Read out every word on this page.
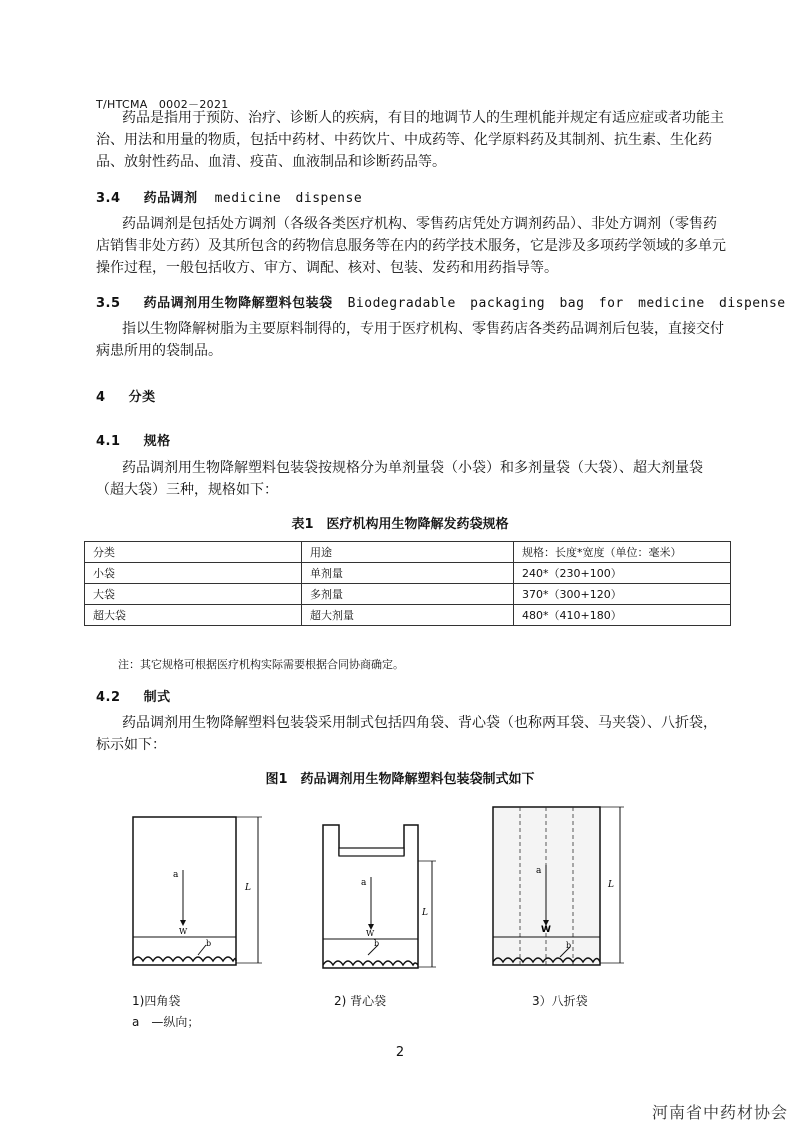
T/HTCMA　0002－2021
药品是指用于预防、治疗、诊断人的疾病，有目的地调节人的生理机能并规定有适应症或者功能主治、用法和用量的物质，包括中药材、中药饮片、中成药等、化学原料药及其制剂、抗生素、生化药品、放射性药品、血清、疫苗、血液制品和诊断药品等。
3.4 药品调剂 medicine dispense
药品调剂是包括处方调剂（各级各类医疗机构、零售药店凭处方调剂药品）、非处方调剂（零售药店销售非处方药）及其所包含的药物信息服务等在内的药学技术服务，它是涉及多项药学领域的多单元操作过程，一般包括收方、审方、调配、核对、包装、发药和用药指导等。
3.5 药品调剂用生物降解塑料包装袋 Biodegradable packaging bag for medicine dispense
指以生物降解树脂为主要原料制得的，专用于医疗机构、零售药店各类药品调剂后包装，直接交付病患所用的袋制品。
4 分类
4.1 规格
药品调剂用生物降解塑料包装袋按规格分为单剂量袋（小袋）和多剂量袋（大袋）、超大剂量袋（超大袋）三种，规格如下：
表1　医疗机构用生物降解发药袋规格
分类	用途	规格：长度*宽度（单位：毫米）
小袋	单剂量	240*（230+100）
大袋	多剂量	370*（300+120）
超大袋	超大剂量	480*（410+180）
注：其它规格可根据医疗机构实际需要根据合同协商确定。
4.2 制式
药品调剂用生物降解塑料包装袋采用制式包括四角袋、背心袋（也称两耳袋、马夹袋）、八折袋，标示如下：
图1　药品调剂用生物降解塑料包装袋制式如下
a
W
b
L	a
W
b
L
a
W
b
L
1)四角袋	2) 背心袋	3）八折袋
a　—纵向；
2
河南省中药材协会
